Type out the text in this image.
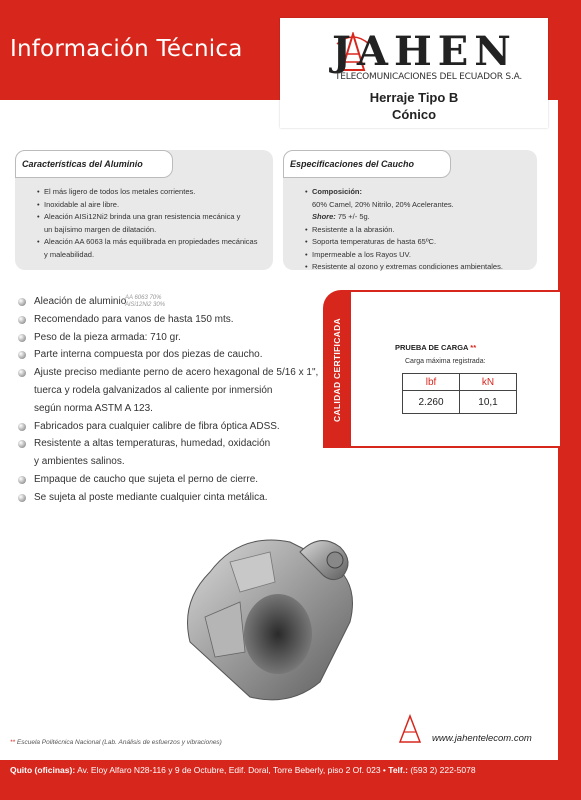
Información Técnica JAHEN
TELECOMUNICACIONES DEL ECUADOR S.A.
Herraje Tipo B
Cónico
Características del Aluminio
• El más ligero de todos los metales corrientes.
• Inoxidable al aire libre.
• Aleación AISi12Ni2 brinda una gran resistencia mecánica y
un bajísimo margen de dilatación.
• Aleación AA 6063 la más equilibrada en propiedades mecánicas
y maleabilidad.
Especificaciones del Caucho
• Composición:
60% Camel, 20% Nitrilo, 20% Acelerantes.
Shore: 75 +/- 5g.
• Resistente a la abrasión.
• Soporta temperaturas de hasta 65ºC.
• Impermeable a los Rayos UV.
• Resistente al ozono y extremas condiciones ambientales.
Aleación de aluminio
AA 6063 70%
AlSi12Ni2 30%
Recomendado para vanos de hasta 150 mts.
Peso de la pieza armada: 710 gr.
Parte interna compuesta por dos piezas de caucho.
Ajuste preciso mediante perno de acero hexagonal de 5/16 x 1",
tuerca y rodela galvanizados al caliente por inmersión
según norma ASTM A 123.
Fabricados para cualquier calibre de fibra óptica ADSS.
Resistente a altas temperaturas, humedad, oxidación
y ambientes salinos.
Empaque de caucho que sujeta el perno de cierre.
Se sujeta al poste mediante cualquier cinta metálica.
CALIDAD CERTIFICADA	PRUEBA DE CARGA **
Carga máxima registrada:
lbf	kN
2.260	10,1
** Escuela Politécnica Nacional (Lab. Análisis de esfuerzos y vibraciones)	www.jahentelecom.com
Quito (oficinas): Av. Eloy Alfaro N28-116 y 9 de Octubre, Edif. Doral, Torre Beberly, piso 2 Of. 023 • Telf.: (593 2) 222-5078
